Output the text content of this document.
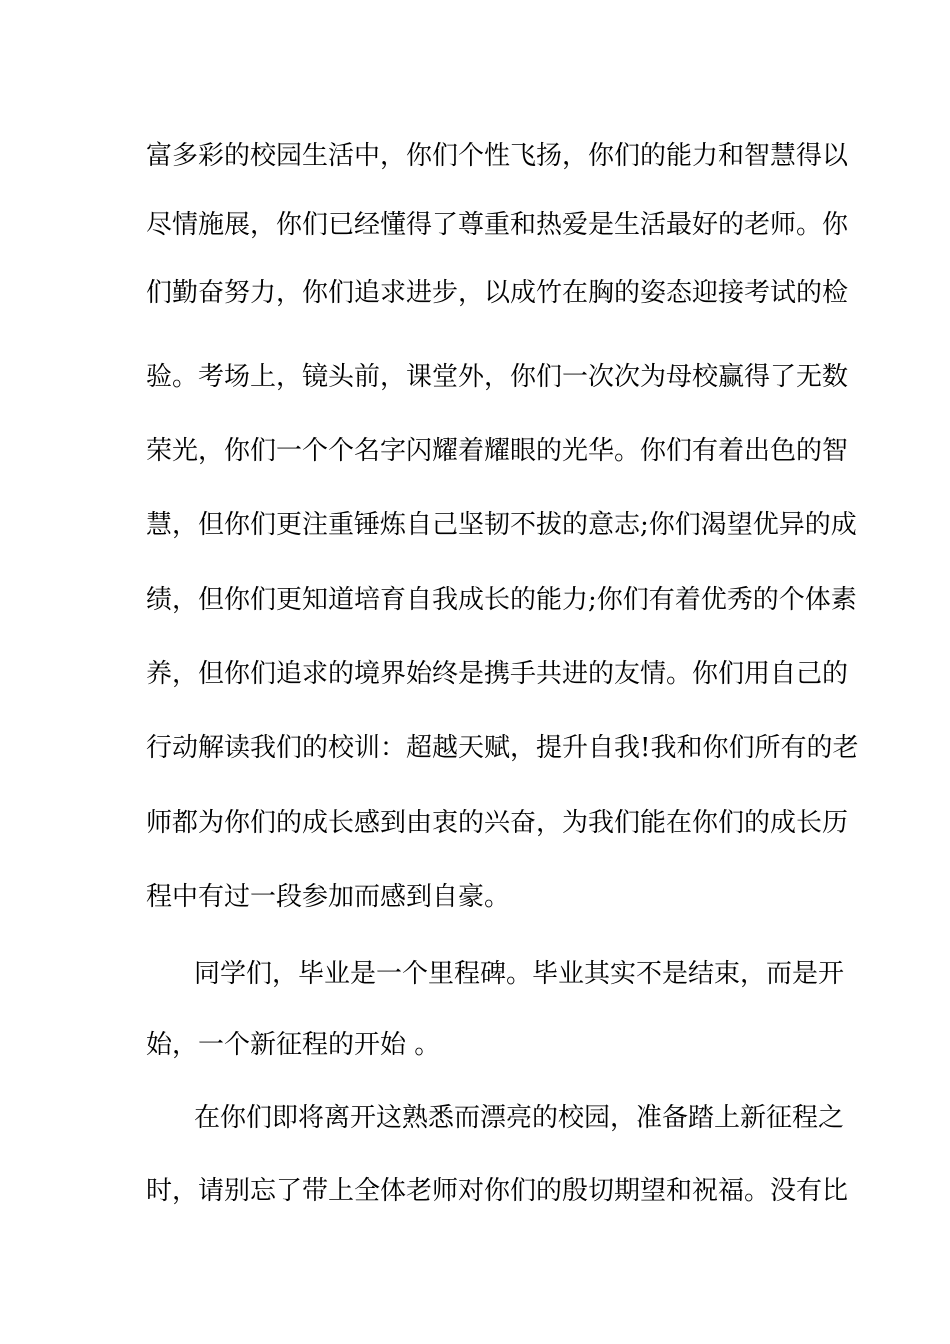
富多彩的校园生活中，你们个性飞扬，你们的能力和智慧得以
尽情施展，你们已经懂得了尊重和热爱是生活最好的老师。你
们勤奋努力，你们追求进步，以成竹在胸的姿态迎接考试的检
验。考场上，镜头前，课堂外，你们一次次为母校赢得了无数
荣光，你们一个个名字闪耀着耀眼的光华。你们有着出色的智
慧，但你们更注重锤炼自己坚韧不拔的意志;你们渴望优异的成
绩，但你们更知道培育自我成长的能力;你们有着优秀的个体素
养，但你们追求的境界始终是携手共进的友情。你们用自己的
行动解读我们的校训：超越天赋，提升自我!我和你们所有的老
师都为你们的成长感到由衷的兴奋，为我们能在你们的成长历
程中有过一段参加而感到自豪。
同学们，毕业是一个里程碑。毕业其实不是结束，而是开
始，一个新征程的开始 。
在你们即将离开这熟悉而漂亮的校园，准备踏上新征程之
时，请别忘了带上全体老师对你们的殷切期望和祝福。没有比
